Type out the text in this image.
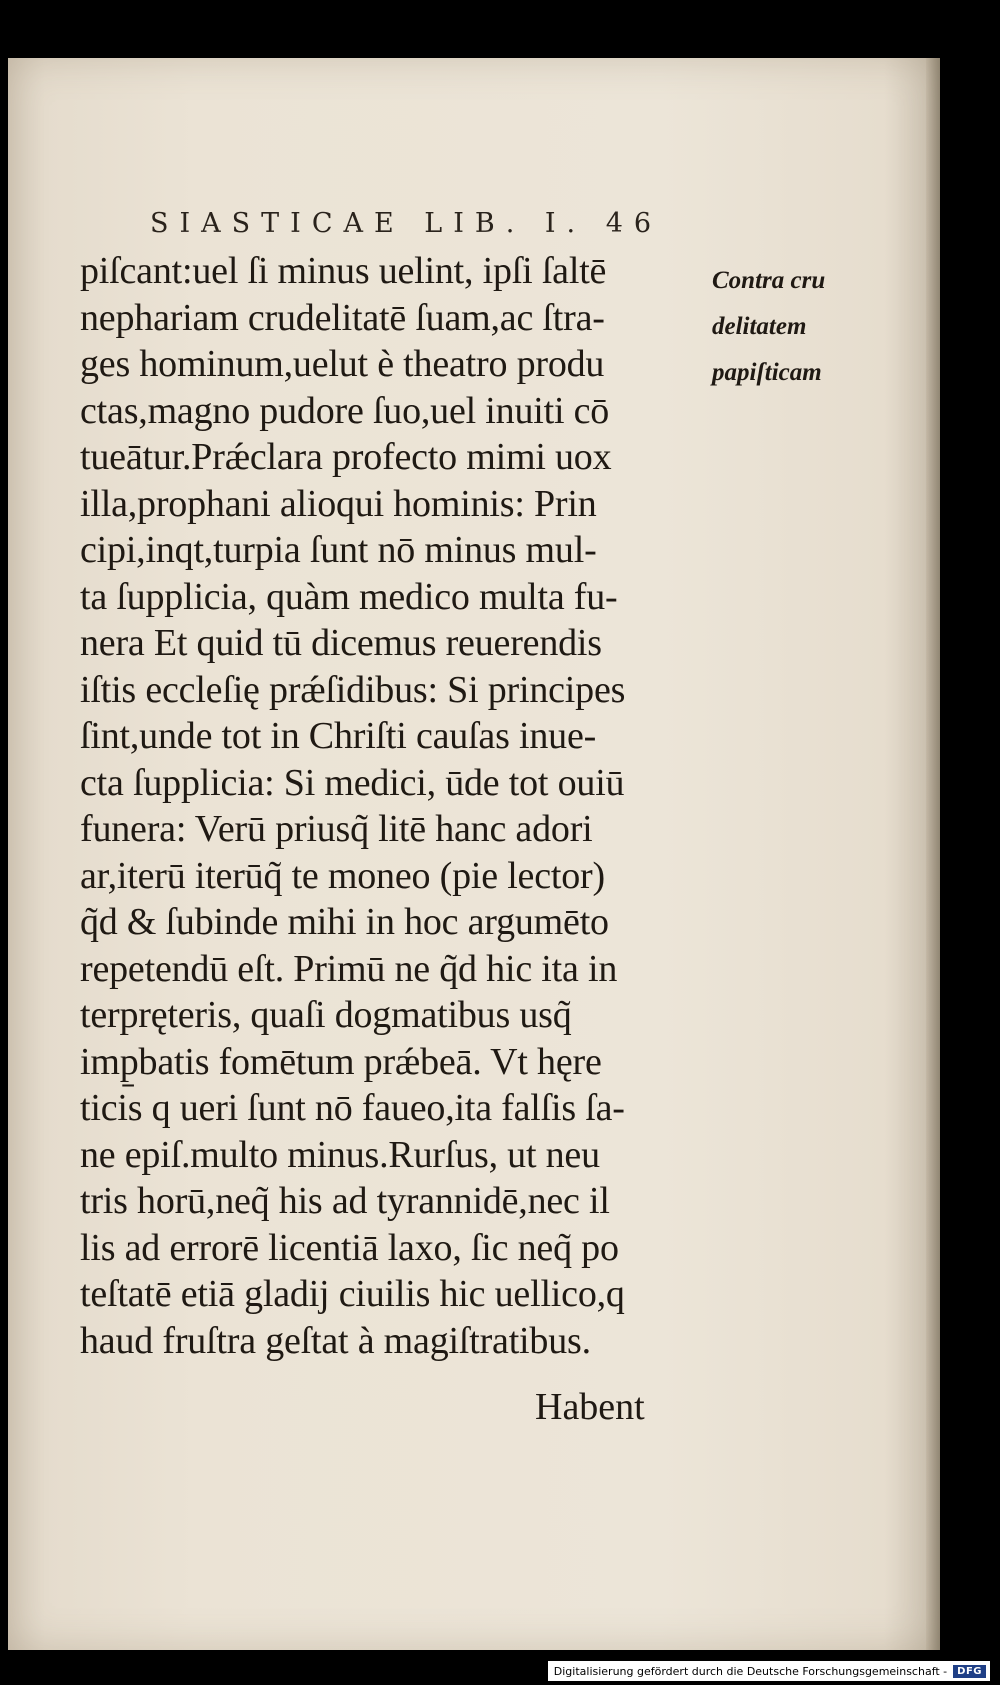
SIASTICAE LIB. I. 46
piſcant:uel ſi minus uelint, ipſi ſaltē
nephariam crudelitatē ſuam,ac ſtra-
ges hominum,uelut è theatro produ
ctas,magno pudore ſuo,uel inuiti cō
tueātur.Prǽclara profecto mimi uox
illa,prophani alioqui hominis: Prin
cipi,inqt,turpia ſunt nō minus mul-
ta ſupplicia, quàm medico multa fu-
nera Et quid tū dicemus reuerendis
iſtis eccleſię prǽſidibus: Si principes
ſint,unde tot in Chriſti cauſas inue-
cta ſupplicia: Si medici, ūde tot ouiū
funera: Verū priusq̃ litē hanc adori
ar,iterū iterūq̃ te moneo (pie lector)
q̃d & ſubinde mihi in hoc argumēto
repetendū eſt. Primū ne q̃d hic ita in
terpręteris, quaſi dogmatibus usq̃
imp̱batis fomētum prǽbeā. Vt hęre
ticis q ueri ſunt nō faueo,ita falſis ſa-
ne epiſ.multo minus.Rurſus, ut neu
tris horū,neq̃ his ad tyrannidē,nec il
lis ad errorē licentiā laxo, ſic neq̃ po
teſtatē etiā gladij ciuilis hic uellico,q
haud fruſtra geſtat à magiſtratibus.
Habent
Contra cru
delitatem
papiſticam
Digitalisierung gefördert durch die Deutsche Forschungsgemeinschaft -	DFG
